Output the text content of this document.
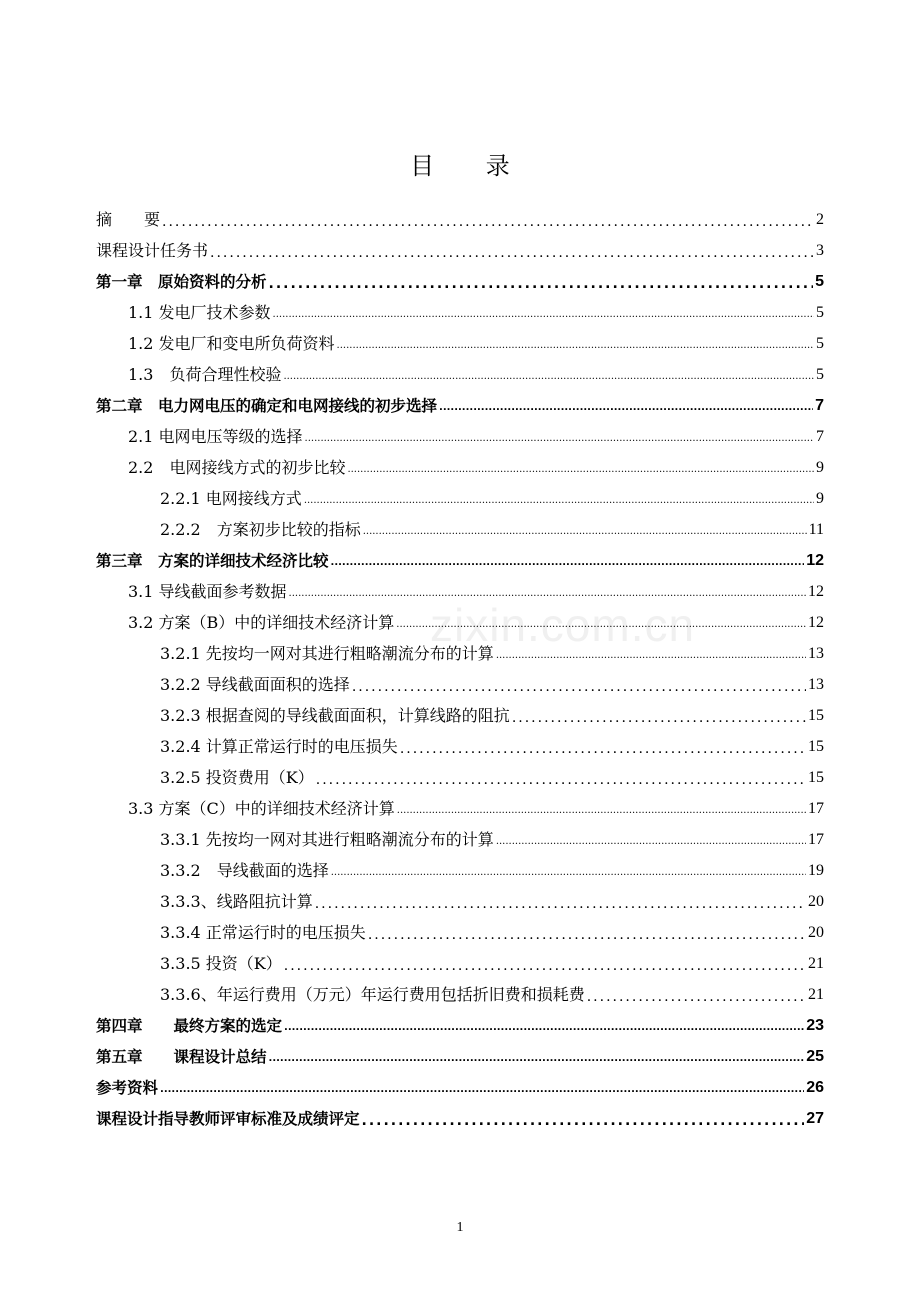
目 录
zixin.com.cn
摘　　要 .....	2
课程设计任务书 .....	3
第一章　原始资料的分析 .....	5
1.1 发电厂技术参数 .....	5
1.2 发电厂和变电所负荷资料 .....	5
1.3　负荷合理性校验 .....	5
第二章　电力网电压的确定和电网接线的初步选择 .....	7
2.1 电网电压等级的选择 .....	7
2.2　电网接线方式的初步比较 .....	9
2.2.1 电网接线方式 .....	9
2.2.2　方案初步比较的指标 .....	11
第三章　方案的详细技术经济比较 .....	12
3.1 导线截面参考数据 .....	12
3.2 方案（B）中的详细技术经济计算 .....	12
3.2.1 先按均一网对其进行粗略潮流分布的计算 .....	13
3.2.2 导线截面面积的选择 .....	13
3.2.3 根据查阅的导线截面面积，计算线路的阻抗 .....	15
3.2.4 计算正常运行时的电压损失 .....	15
3.2.5 投资费用（K） .....	15
3.3 方案（C）中的详细技术经济计算 .....	17
3.3.1 先按均一网对其进行粗略潮流分布的计算 .....	17
3.3.2　导线截面的选择 .....	19
3.3.3、线路阻抗计算 .....	20
3.3.4 正常运行时的电压损失 .....	20
3.3.5 投资（K） .....	21
3.3.6、年运行费用（万元）年运行费用包括折旧费和损耗费 .....	21
第四章　　最终方案的选定 .....	23
第五章　　课程设计总结 .....	25
参考资料 .....	26
课程设计指导教师评审标准及成绩评定 .....	27
1
